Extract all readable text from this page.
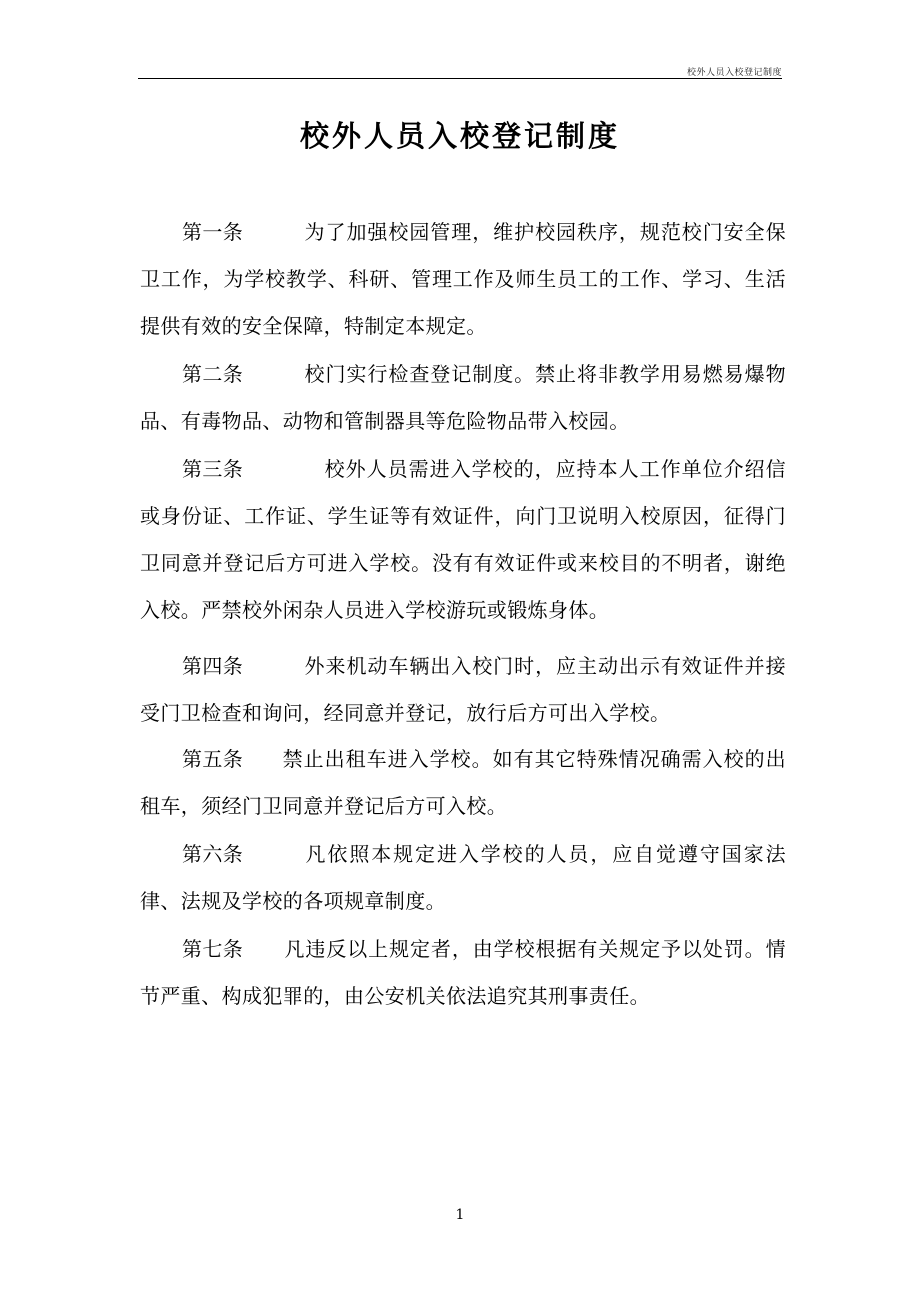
校外人员入校登记制度
校外人员入校登记制度

第一条	为了加强校园管理，维护校园秩序，规范校门安全保卫工作，为学校教学、科研、管理工作及师生员工的工作、学习、生活提供有效的安全保障，特制定本规定。

第二条	校门实行检查登记制度。禁止将非教学用易燃易爆物品、有毒物品、动物和管制器具等危险物品带入校园。

第三条	校外人员需进入学校的，应持本人工作单位介绍信或身份证、工作证、学生证等有效证件，向门卫说明入校原因，征得门卫同意并登记后方可进入学校。没有有效证件或来校目的不明者，谢绝入校。严禁校外闲杂人员进入学校游玩或锻炼身体。

第四条	外来机动车辆出入校门时，应主动出示有效证件并接受门卫检查和询问，经同意并登记，放行后方可出入学校。

第五条 禁止出租车进入学校。如有其它特殊情况确需入校的出租车，须经门卫同意并登记后方可入校。

第六条	凡依照本规定进入学校的人员，应自觉遵守国家法律、法规及学校的各项规章制度。

第七条 凡违反以上规定者，由学校根据有关规定予以处罚。情节严重、构成犯罪的，由公安机关依法追究其刑事责任。

1
